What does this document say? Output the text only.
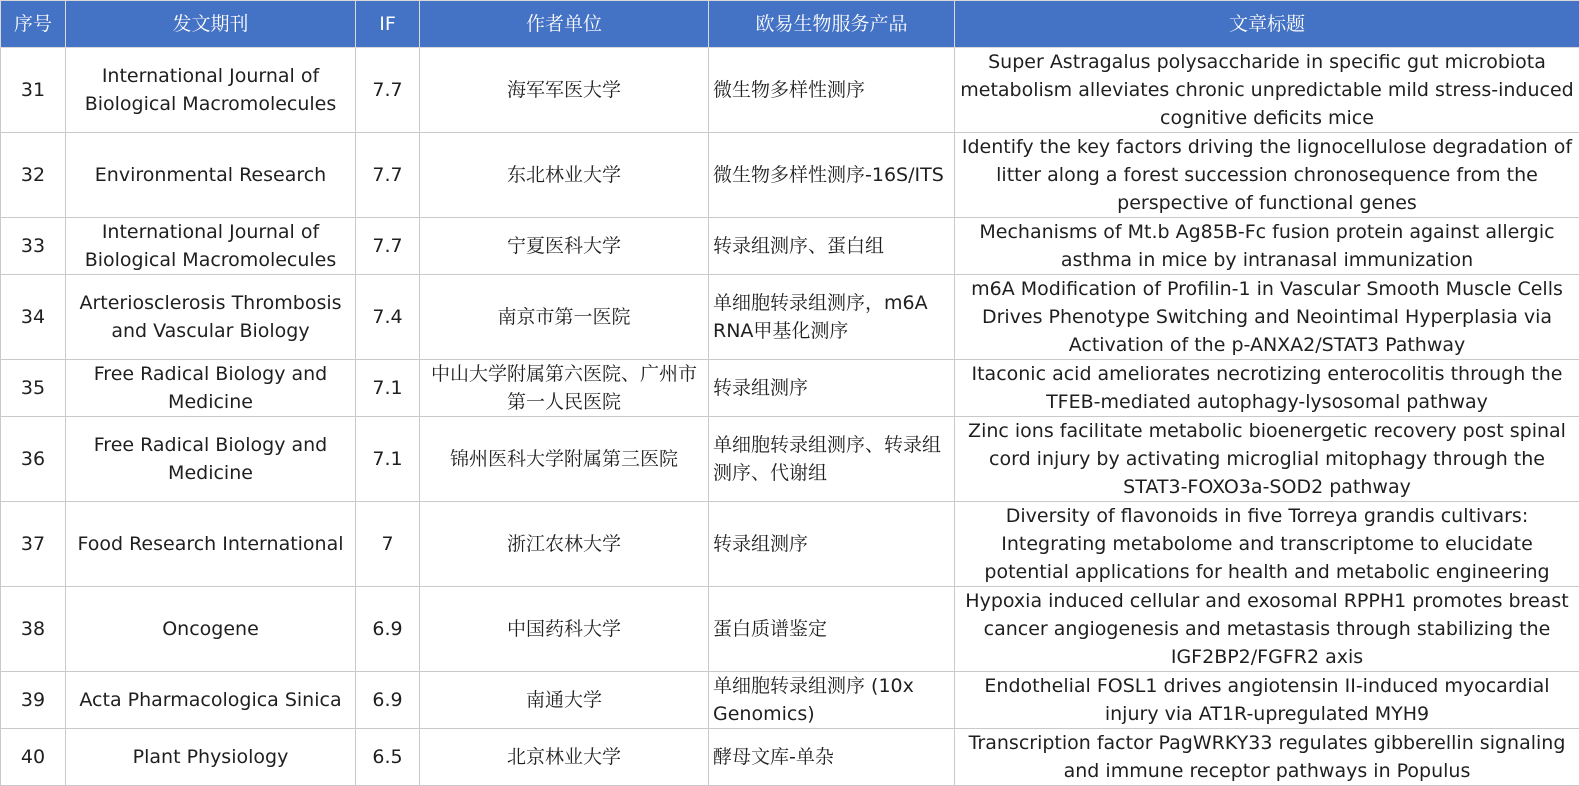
序号	发文期刊	IF	作者单位	欧易生物服务产品	文章标题
31	International Journal of Biological Macromolecules	7.7	海军军医大学	微生物多样性测序	Super Astragalus polysaccharide in specific gut microbiota metabolism alleviates chronic unpredictable mild stress-induced cognitive deficits mice
32	Environmental Research	7.7	东北林业大学	微生物多样性测序-16S/ITS	Identify the key factors driving the lignocellulose degradation of litter along a forest succession chronosequence from the perspective of functional genes
33	International Journal of Biological Macromolecules	7.7	宁夏医科大学	转录组测序、蛋白组	Mechanisms of Mt.b Ag85B-Fc fusion protein against allergic asthma in mice by intranasal immunization
34	Arteriosclerosis Thrombosis and Vascular Biology	7.4	南京市第一医院	单细胞转录组测序，m6A RNA甲基化测序	m6A Modification of Profilin-1 in Vascular Smooth Muscle Cells Drives Phenotype Switching and Neointimal Hyperplasia via Activation of the p-ANXA2/STAT3 Pathway
35	Free Radical Biology and Medicine	7.1	中山大学附属第六医院、广州市第一人民医院	转录组测序	Itaconic acid ameliorates necrotizing enterocolitis through the TFEB-mediated autophagy-lysosomal pathway
36	Free Radical Biology and Medicine	7.1	锦州医科大学附属第三医院	单细胞转录组测序、转录组测序、代谢组	Zinc ions facilitate metabolic bioenergetic recovery post spinal cord injury by activating microglial mitophagy through the STAT3-FOXO3a-SOD2 pathway
37	Food Research International	7	浙江农林大学	转录组测序	Diversity of flavonoids in five Torreya grandis cultivars: Integrating metabolome and transcriptome to elucidate potential applications for health and metabolic engineering
38	Oncogene	6.9	中国药科大学	蛋白质谱鉴定	Hypoxia induced cellular and exosomal RPPH1 promotes breast cancer angiogenesis and metastasis through stabilizing the IGF2BP2/FGFR2 axis
39	Acta Pharmacologica Sinica	6.9	南通大学	单细胞转录组测序 (10x Genomics)	Endothelial FOSL1 drives angiotensin II-induced myocardial injury via AT1R-upregulated MYH9
40	Plant Physiology	6.5	北京林业大学	酵母文库-单杂	Transcription factor PagWRKY33 regulates gibberellin signaling and immune receptor pathways in Populus
